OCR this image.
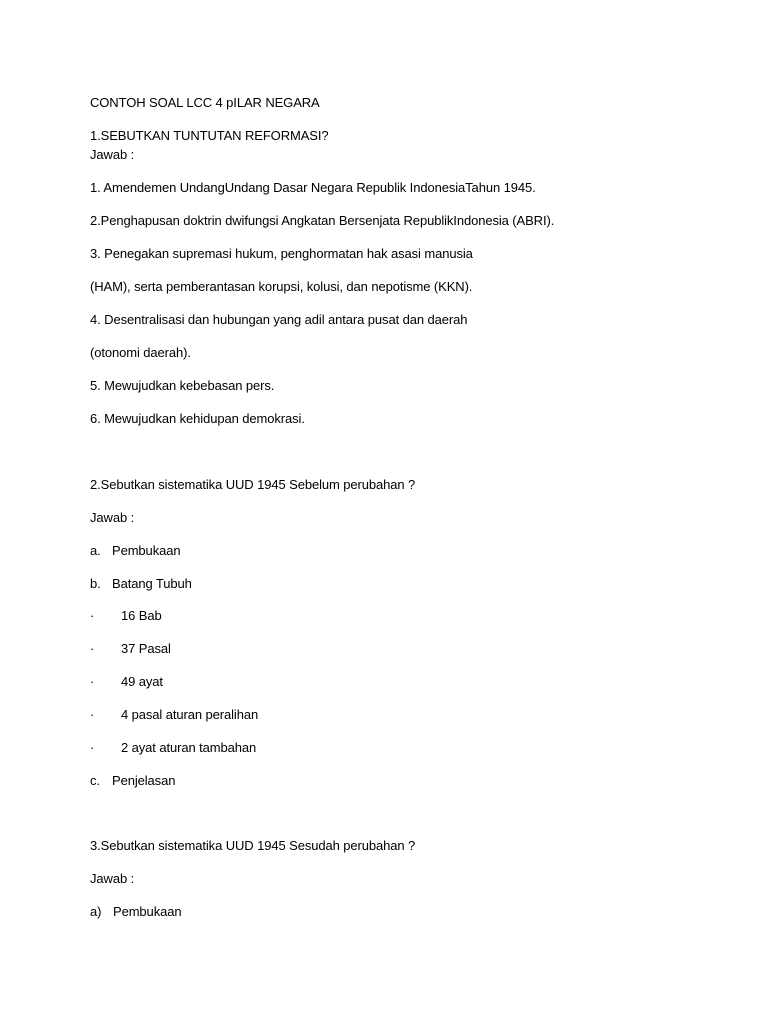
CONTOH SOAL LCC 4 pILAR NEGARA
1.SEBUTKAN TUNTUTAN REFORMASI?
Jawab :
1. Amendemen UndangUndang Dasar Negara Republik IndonesiaTahun 1945.
2.Penghapusan doktrin dwifungsi Angkatan Bersenjata RepublikIndonesia (ABRI).
3. Penegakan supremasi hukum, penghormatan hak asasi manusia
(HAM), serta pemberantasan korupsi, kolusi, dan nepotisme (KKN).
4. Desentralisasi dan hubungan yang adil antara pusat dan daerah
(otonomi daerah).
5. Mewujudkan kebebasan pers.
6. Mewujudkan kehidupan demokrasi.
2.Sebutkan sistematika UUD 1945 Sebelum perubahan ?
Jawab :
a. Pembukaan
b. Batang Tubuh
· 16 Bab
· 37 Pasal
· 49 ayat
· 4 pasal aturan peralihan
· 2 ayat aturan tambahan
c. Penjelasan
3.Sebutkan sistematika UUD 1945 Sesudah perubahan ?
Jawab :
a) Pembukaan
